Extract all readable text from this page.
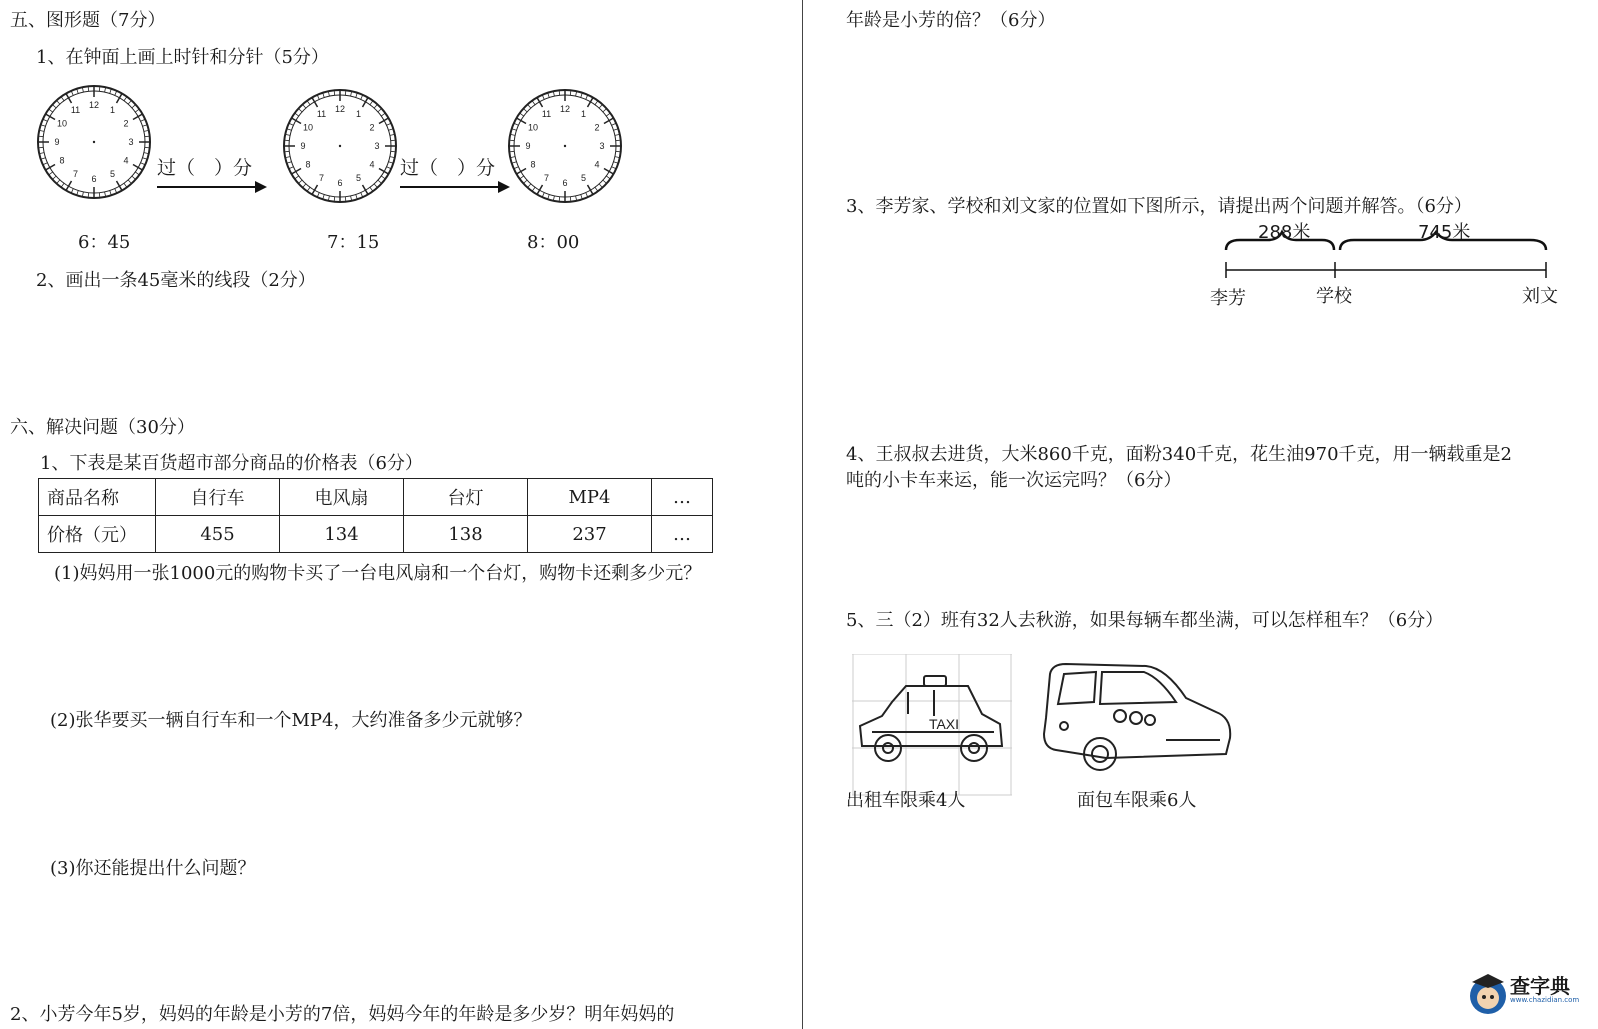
五、图形题（7分）
1、在钟面上画上时针和分针（5分）
12 1
2
3
4
5
6
7
8
9
10
11	12 1
2
3
4
5
6
7
8
9
10
11	12 1
2
3
4
5
6
7
8
9
10
11
过（　）分	过（　）分
6：45	7：15	8：00
2、画出一条45毫米的线段（2分）
六、解决问题（30分）
1、下表是某百货超市部分商品的价格表（6分）
商品名称	自行车	电风扇	台灯	MP4	…
价格（元）	455	134	138	237	…
(1)妈妈用一张1000元的购物卡买了一台电风扇和一个台灯，购物卡还剩多少元？
(2)张华要买一辆自行车和一个MP4，大约准备多少元就够？
(3)你还能提出什么问题？
2、小芳今年5岁，妈妈的年龄是小芳的7倍，妈妈今年的年龄是多少岁？明年妈妈的
年龄是小芳的倍？（6分）
3、李芳家、学校和刘文家的位置如下图所示，请提出两个问题并解答。（6分）
288米	745米
李芳	学校	刘文
4、王叔叔去进货，大米860千克，面粉340千克，花生油970千克，用一辆载重是2
吨的小卡车来运，能一次运完吗？（6分）
5、三（2）班有32人去秋游，如果每辆车都坐满，可以怎样租车？（6分）
TAXI
出租车限乘4人	面包车限乘6人
查字典
www.chazidian.com
